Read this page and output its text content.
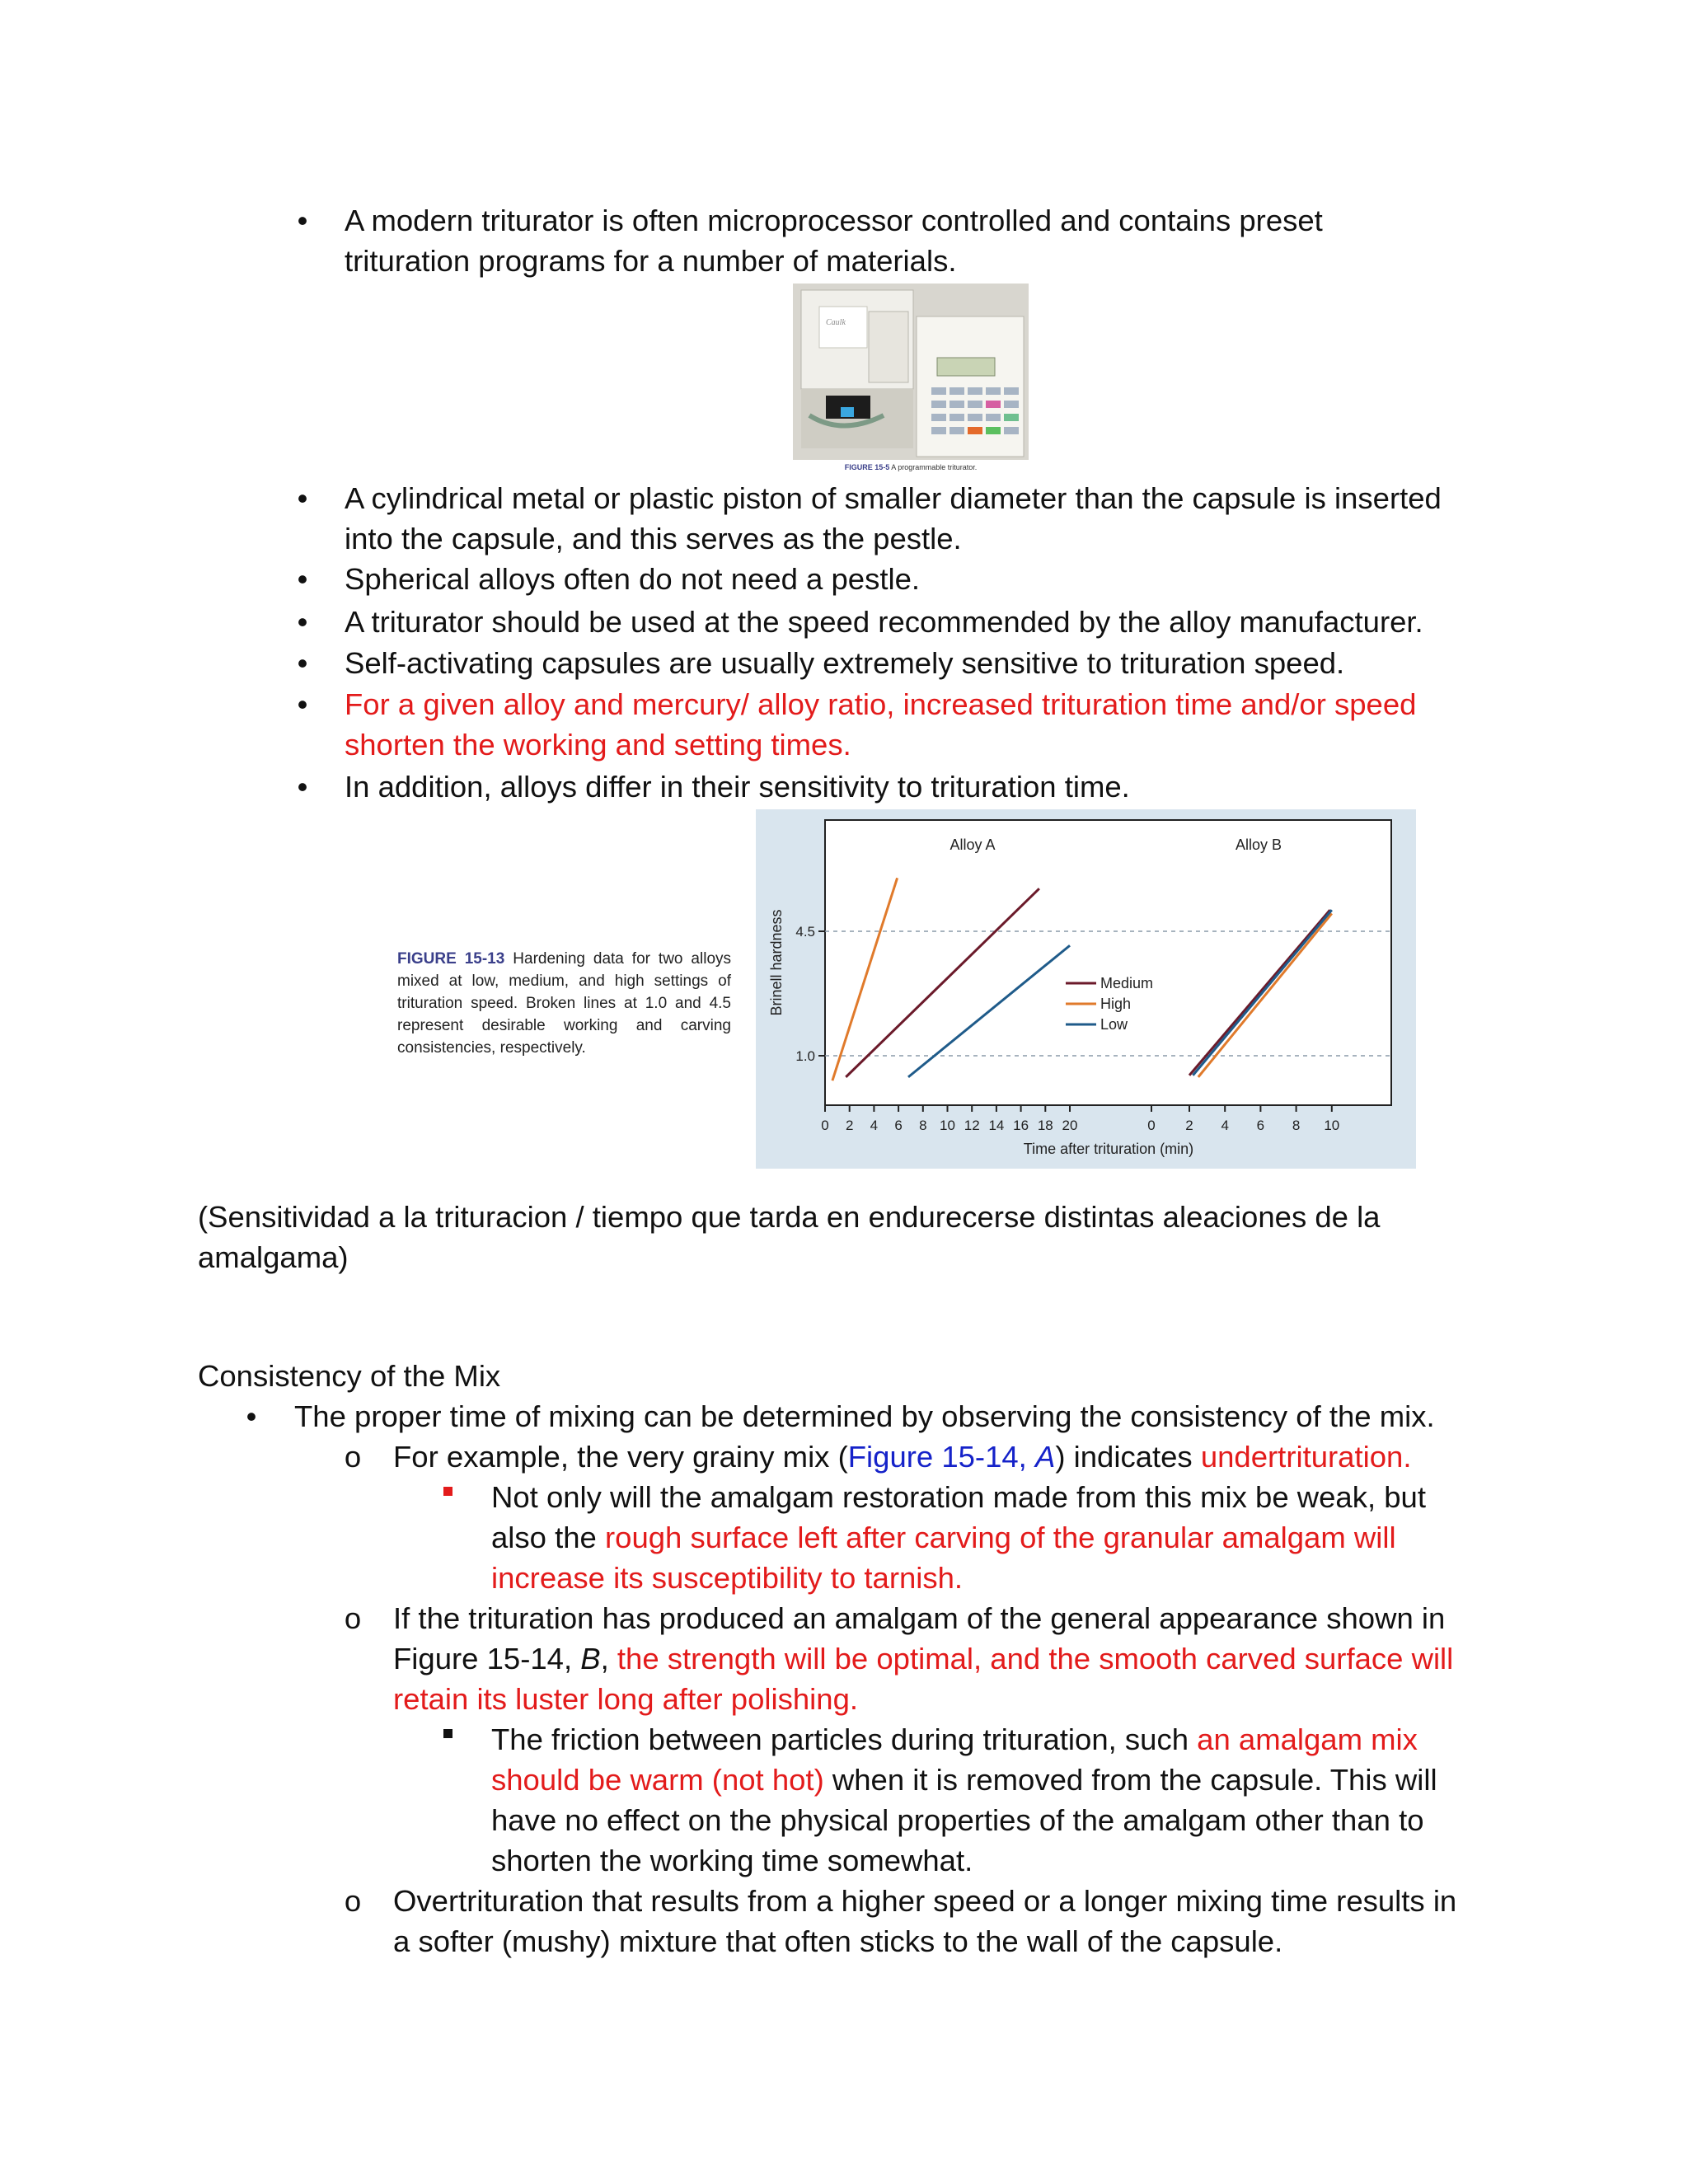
• A modern triturator is often microprocessor controlled and contains preset
trituration programs for a number of materials.
Caulk
FIGURE 15-5 A programmable triturator.
• A cylindrical metal or plastic piston of smaller diameter than the capsule is inserted
into the capsule, and this serves as the pestle.
• Spherical alloys often do not need a pestle.
• A triturator should be used at the speed recommended by the alloy manufacturer.
• Self-activating capsules are usually extremely sensitive to trituration speed.
• For a given alloy and mercury/ alloy ratio, increased trituration time and/or speed
shorten the working and setting times.
• In addition, alloys differ in their sensitivity to trituration time.
FIGURE 15-13 Hardening data for two alloys mixed at low, medium, and high settings of trituration speed. Broken lines at 1.0 and 4.5 represent desirable working and carving consistencies, respectively.
4.5
1.0
Brinell hardness
Alloy A
0 2 4 6 8 10 12 14 16 18 20
Alloy B
0 2 4 6 8 10
Time after trituration (min)
Medium
High
Low
(Sensitividad a la trituracion / tiempo que tarda en endurecerse distintas aleaciones de la
amalgama)
Consistency of the Mix
• The proper time of mixing can be determined by observing the consistency of the mix.
o For example, the very grainy mix (Figure 15-14, A) indicates undertrituration.
Not only will the amalgam restoration made from this mix be weak, but
also the rough surface left after carving of the granular amalgam will
increase its susceptibility to tarnish.
o If the trituration has produced an amalgam of the general appearance shown in
Figure 15-14, B, the strength will be optimal, and the smooth carved surface will
retain its luster long after polishing.
The friction between particles during trituration, such an amalgam mix
should be warm (not hot) when it is removed from the capsule. This will
have no effect on the physical properties of the amalgam other than to
shorten the working time somewhat.
o Overtrituration that results from a higher speed or a longer mixing time results in
a softer (mushy) mixture that often sticks to the wall of the capsule.
